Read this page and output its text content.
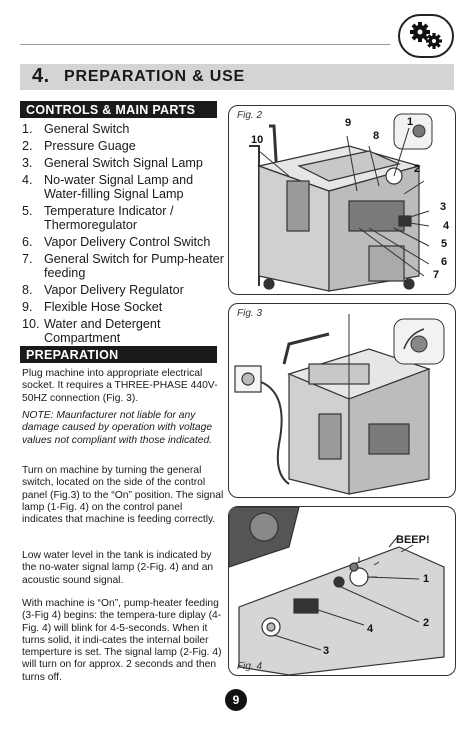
4. PREPARATION & USE
CONTROLS & MAIN PARTS
1. General Switch
2. Pressure Guage
3. General Switch Signal Lamp
4. No-water Signal Lamp and Water-filling Signal Lamp
5. Temperature Indicator / Thermoregulator
6. Vapor Delivery Control Switch
7. General Switch for Pump-heater feeding
8. Vapor Delivery Regulator
9. Flexible Hose Socket
10. Water and Detergent Compartment
PREPARATION

Plug machine into appropriate electrical socket. It requires a THREE-PHASE 440V-50HZ connection (Fig. 3).

NOTE: Maunfacturer not liable for any damage caused by operation with voltage values not compliant with those indicated.

Turn on machine by turning the general switch, located on the side of the control panel (Fig.3) to the “On” position. The signal lamp (1-Fig. 4) on the control panel indicates that machine is feeding correctly.

Low water level in the tank is indicated by the no-water signal lamp (2-Fig. 4) and an acoustic sound signal.

With machine is “On”, pump-heater feeding (3-Fig 4) begins: the tempera-ture diplay (4-Fig. 4) will blink for 4-5-seconds. When it turns solid, it indi-cates the internal boiler temperture is set. The signal lamp (2-Fig. 4) will turn on for approx. 2 seconds and then turns off.

Fig. 2
10
9
8
1
2
3
4
5
6
7
Fig. 3
Fig. 4
1
2
3
4
BEEP!
9
